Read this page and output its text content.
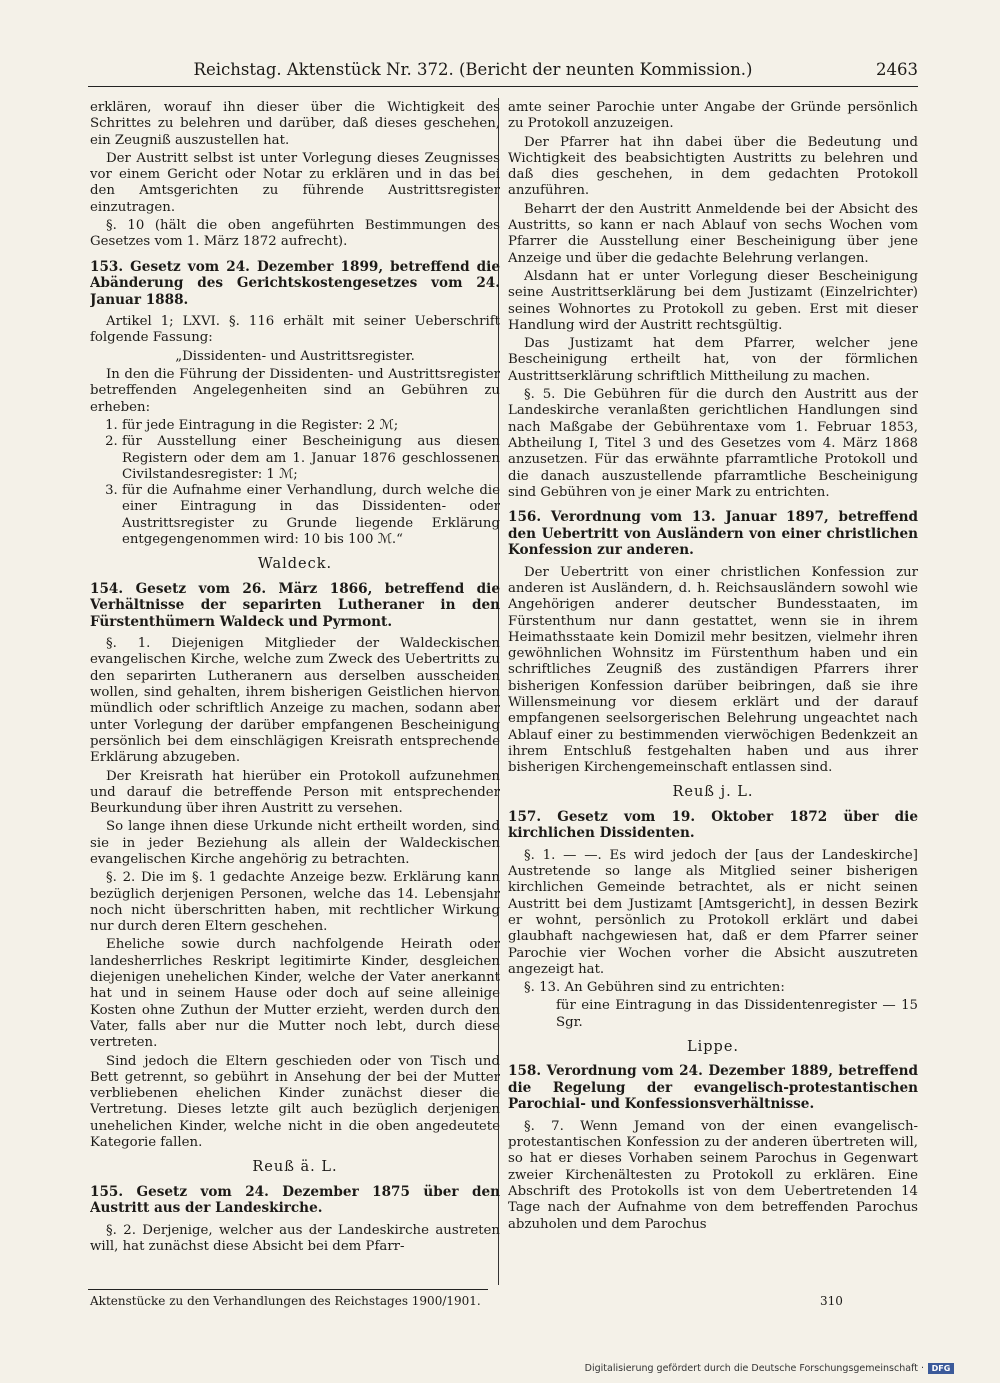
Reichstag. Aktenstück Nr. 372. (Bericht der neunten Kommission.)	2463

erklären, worauf ihn dieser über die Wichtigkeit des Schrittes zu belehren und darüber, daß dieses geschehen, ein Zeugniß auszustellen hat.

Der Austritt selbst ist unter Vorlegung dieses Zeugnisses vor einem Gericht oder Notar zu erklären und in das bei den Amtsgerichten zu führende Austrittsregister einzutragen.

§. 10 (hält die oben angeführten Bestimmungen des Gesetzes vom 1. März 1872 aufrecht).

153. Gesetz vom 24. Dezember 1899, betreffend die Abänderung des Gerichtskostengesetzes vom 24. Januar 1888.

Artikel 1; LXVI. §. 116 erhält mit seiner Ueberschrift folgende Fassung:

„Dissidenten- und Austrittsregister.

In den die Führung der Dissidenten- und Austrittsregister betreffenden Angelegenheiten sind an Gebühren zu erheben:

1. für jede Eintragung in die Register: 2 ℳ;
2. für Ausstellung einer Bescheinigung aus diesen Registern oder dem am 1. Januar 1876 geschlossenen Civilstandesregister: 1 ℳ;
3. für die Aufnahme einer Verhandlung, durch welche die einer Eintragung in das Dissidenten- oder Austrittsregister zu Grunde liegende Erklärung entgegengenommen wird: 10 bis 100 ℳ.“
Waldeck.
154. Gesetz vom 26. März 1866, betreffend die Verhältnisse der separirten Lutheraner in den Fürstenthümern Waldeck und Pyrmont.

§. 1. Diejenigen Mitglieder der Waldeckischen evangelischen Kirche, welche zum Zweck des Uebertritts zu den separirten Lutheranern aus derselben ausscheiden wollen, sind gehalten, ihrem bisherigen Geistlichen hiervon mündlich oder schriftlich Anzeige zu machen, sodann aber unter Vorlegung der darüber empfangenen Bescheinigung persönlich bei dem einschlägigen Kreisrath entsprechende Erklärung abzugeben.

Der Kreisrath hat hierüber ein Protokoll aufzunehmen und darauf die betreffende Person mit entsprechender Beurkundung über ihren Austritt zu versehen.

So lange ihnen diese Urkunde nicht ertheilt worden, sind sie in jeder Beziehung als allein der Waldeckischen evangelischen Kirche angehörig zu betrachten.

§. 2. Die im §. 1 gedachte Anzeige bezw. Erklärung kann bezüglich derjenigen Personen, welche das 14. Lebensjahr noch nicht überschritten haben, mit rechtlicher Wirkung nur durch deren Eltern geschehen.

Eheliche sowie durch nachfolgende Heirath oder landesherrliches Reskript legitimirte Kinder, desgleichen diejenigen unehelichen Kinder, welche der Vater anerkannt hat und in seinem Hause oder doch auf seine alleinige Kosten ohne Zuthun der Mutter erzieht, werden durch den Vater, falls aber nur die Mutter noch lebt, durch diese vertreten.

Sind jedoch die Eltern geschieden oder von Tisch und Bett getrennt, so gebührt in Ansehung der bei der Mutter verbliebenen ehelichen Kinder zunächst dieser die Vertretung. Dieses letzte gilt auch bezüglich derjenigen unehelichen Kinder, welche nicht in die oben angedeutete Kategorie fallen.

Reuß ä. L.
155. Gesetz vom 24. Dezember 1875 über den Austritt aus der Landeskirche.

§. 2. Derjenige, welcher aus der Landeskirche austreten will, hat zunächst diese Absicht bei dem Pfarr-

amte seiner Parochie unter Angabe der Gründe persönlich zu Protokoll anzuzeigen.

Der Pfarrer hat ihn dabei über die Bedeutung und Wichtigkeit des beabsichtigten Austritts zu belehren und daß dies geschehen, in dem gedachten Protokoll anzuführen.

Beharrt der den Austritt Anmeldende bei der Absicht des Austritts, so kann er nach Ablauf von sechs Wochen vom Pfarrer die Ausstellung einer Bescheinigung über jene Anzeige und über die gedachte Belehrung verlangen.

Alsdann hat er unter Vorlegung dieser Bescheinigung seine Austrittserklärung bei dem Justizamt (Einzelrichter) seines Wohnortes zu Protokoll zu geben. Erst mit dieser Handlung wird der Austritt rechtsgültig.

Das Justizamt hat dem Pfarrer, welcher jene Bescheinigung ertheilt hat, von der förmlichen Austrittserklärung schriftlich Mittheilung zu machen.

§. 5. Die Gebühren für die durch den Austritt aus der Landeskirche veranlaßten gerichtlichen Handlungen sind nach Maßgabe der Gebührentaxe vom 1. Februar 1853, Abtheilung I, Titel 3 und des Gesetzes vom 4. März 1868 anzusetzen. Für das erwähnte pfarramtliche Protokoll und die danach auszustellende pfarramtliche Bescheinigung sind Gebühren von je einer Mark zu entrichten.

156. Verordnung vom 13. Januar 1897, betreffend den Uebertritt von Ausländern von einer christlichen Konfession zur anderen.

Der Uebertritt von einer christlichen Konfession zur anderen ist Ausländern, d. h. Reichsausländern sowohl wie Angehörigen anderer deutscher Bundesstaaten, im Fürstenthum nur dann gestattet, wenn sie in ihrem Heimathsstaate kein Domizil mehr besitzen, vielmehr ihren gewöhnlichen Wohnsitz im Fürstenthum haben und ein schriftliches Zeugniß des zuständigen Pfarrers ihrer bisherigen Konfession darüber beibringen, daß sie ihre Willensmeinung vor diesem erklärt und der darauf empfangenen seelsorgerischen Belehrung ungeachtet nach Ablauf einer zu bestimmenden vierwöchigen Bedenkzeit an ihrem Entschluß festgehalten haben und aus ihrer bisherigen Kirchengemeinschaft entlassen sind.

Reuß j. L.
157. Gesetz vom 19. Oktober 1872 über die kirchlichen Dissidenten.

§. 1. — —. Es wird jedoch der [aus der Landeskirche] Austretende so lange als Mitglied seiner bisherigen kirchlichen Gemeinde betrachtet, als er nicht seinen Austritt bei dem Justizamt [Amtsgericht], in dessen Bezirk er wohnt, persönlich zu Protokoll erklärt und dabei glaubhaft nachgewiesen hat, daß er dem Pfarrer seiner Parochie vier Wochen vorher die Absicht auszutreten angezeigt hat.

§. 13. An Gebühren sind zu entrichten:

für eine Eintragung in das Dissidentenregister — 15 Sgr.

Lippe.
158. Verordnung vom 24. Dezember 1889, betreffend die Regelung der evangelisch-protestantischen Parochial- und Konfessionsverhältnisse.

§. 7. Wenn Jemand von der einen evangelisch-protestantischen Konfession zu der anderen übertreten will, so hat er dieses Vorhaben seinem Parochus in Gegenwart zweier Kirchenältesten zu Protokoll zu erklären. Eine Abschrift des Protokolls ist von dem Uebertretenden 14 Tage nach der Aufnahme von dem betreffenden Parochus abzuholen und dem Parochus

Aktenstücke zu den Verhandlungen des Reichstages 1900/1901.	310
Digitalisierung gefördert durch die Deutsche Forschungsgemeinschaft · DFG
